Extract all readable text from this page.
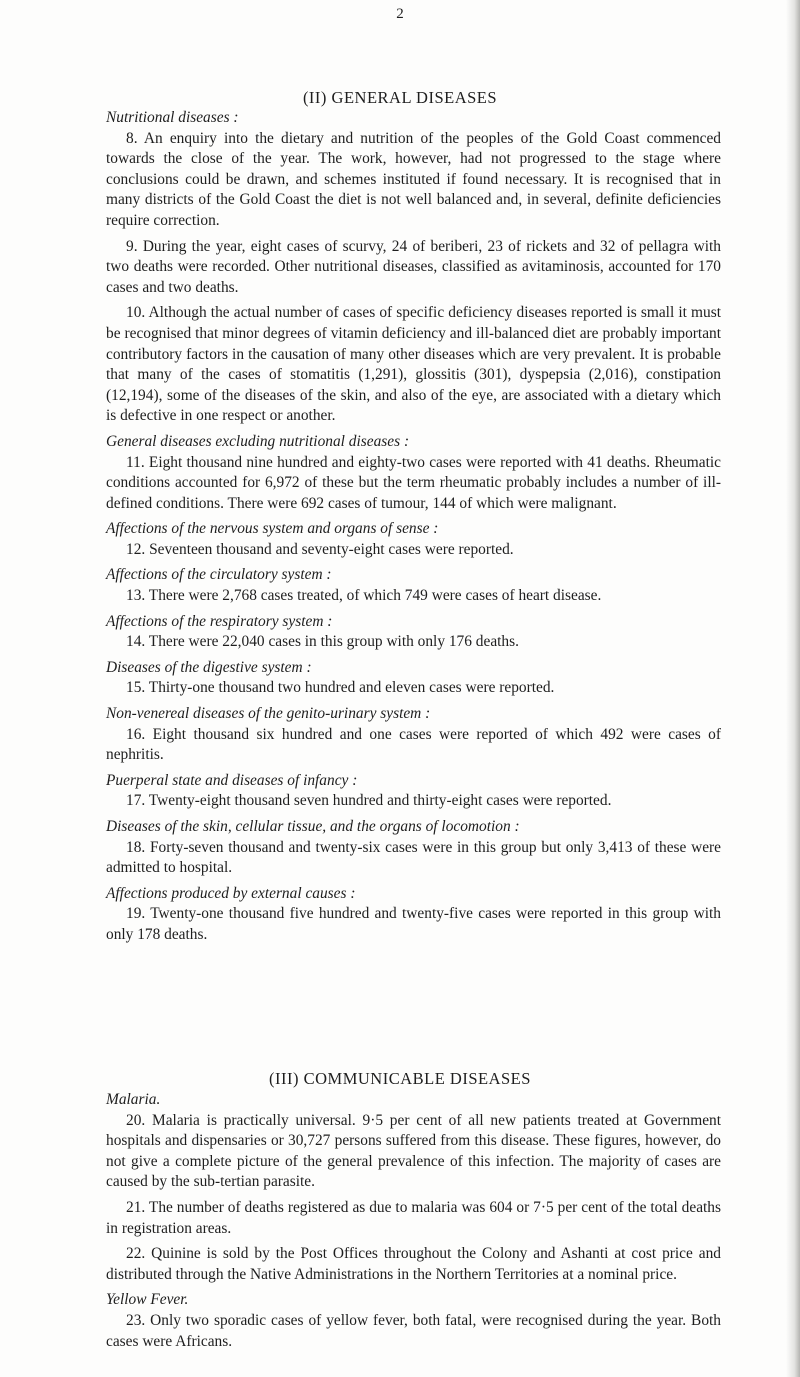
2

(II) GENERAL DISEASES

Nutritional diseases :

8. An enquiry into the dietary and nutrition of the peoples of the Gold Coast commenced towards the close of the year. The work, however, had not progressed to the stage where conclusions could be drawn, and schemes instituted if found necessary. It is recognised that in many districts of the Gold Coast the diet is not well balanced and, in several, definite deficiencies require correction.

9. During the year, eight cases of scurvy, 24 of beriberi, 23 of rickets and 32 of pellagra with two deaths were recorded. Other nutritional diseases, classified as avitaminosis, accounted for 170 cases and two deaths.

10. Although the actual number of cases of specific deficiency diseases reported is small it must be recognised that minor degrees of vitamin deficiency and ill-balanced diet are probably important contributory factors in the causation of many other diseases which are very prevalent. It is probable that many of the cases of stomatitis (1,291), glossitis (301), dyspepsia (2,016), constipation (12,194), some of the diseases of the skin, and also of the eye, are associated with a dietary which is defective in one respect or another.

General diseases excluding nutritional diseases :

11. Eight thousand nine hundred and eighty-two cases were reported with 41 deaths. Rheumatic conditions accounted for 6,972 of these but the term rheumatic probably includes a number of ill-defined conditions. There were 692 cases of tumour, 144 of which were malignant.

Affections of the nervous system and organs of sense :

12. Seventeen thousand and seventy-eight cases were reported.

Affections of the circulatory system :

13. There were 2,768 cases treated, of which 749 were cases of heart disease.

Affections of the respiratory system :

14. There were 22,040 cases in this group with only 176 deaths.

Diseases of the digestive system :

15. Thirty-one thousand two hundred and eleven cases were reported.

Non-venereal diseases of the genito-urinary system :

16. Eight thousand six hundred and one cases were reported of which 492 were cases of nephritis.

Puerperal state and diseases of infancy :

17. Twenty-eight thousand seven hundred and thirty-eight cases were reported.

Diseases of the skin, cellular tissue, and the organs of locomotion :

18. Forty-seven thousand and twenty-six cases were in this group but only 3,413 of these were admitted to hospital.

Affections produced by external causes :

19. Twenty-one thousand five hundred and twenty-five cases were reported in this group with only 178 deaths.

(III) COMMUNICABLE DISEASES

Malaria.

20. Malaria is practically universal. 9·5 per cent of all new patients treated at Government hospitals and dispensaries or 30,727 persons suffered from this disease. These figures, however, do not give a complete picture of the general prevalence of this infection. The majority of cases are caused by the sub-tertian parasite.

21. The number of deaths registered as due to malaria was 604 or 7·5 per cent of the total deaths in registration areas.

22. Quinine is sold by the Post Offices throughout the Colony and Ashanti at cost price and distributed through the Native Administrations in the Northern Territories at a nominal price.

Yellow Fever.

23. Only two sporadic cases of yellow fever, both fatal, were recognised during the year. Both cases were Africans.
